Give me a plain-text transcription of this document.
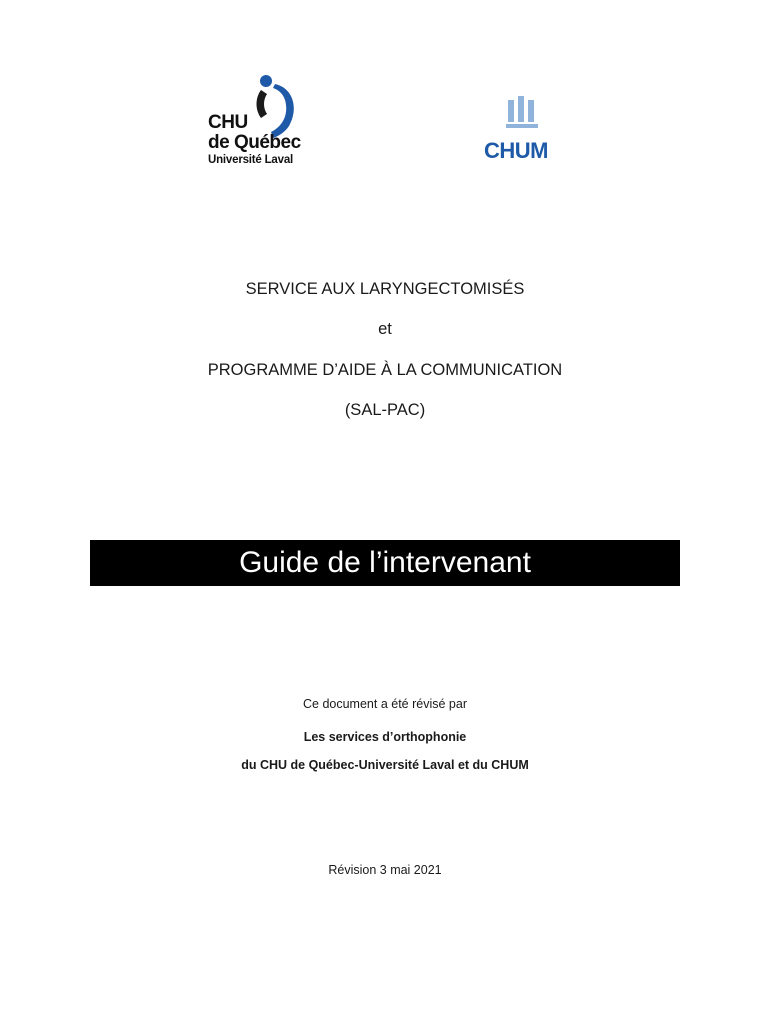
CHU
de Québec
Université Laval	CHUM
SERVICE AUX LARYNGECTOMISÉS
et
PROGRAMME D’AIDE À LA COMMUNICATION
(SAL-PAC)
Guide de l’intervenant
Ce document a été révisé par
Les services d’orthophonie
du CHU de Québec-Université Laval et du CHUM
Révision 3 mai 2021
